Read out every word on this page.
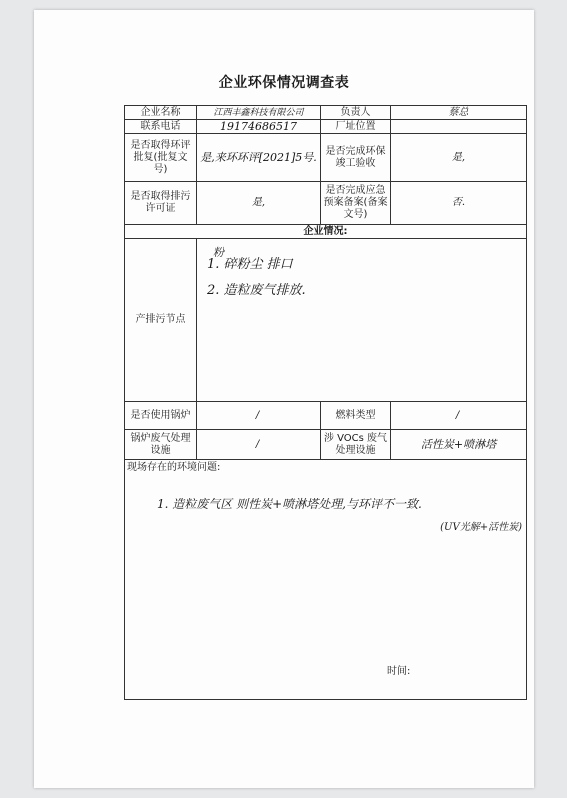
企业环保情况调查表
企业名称	江西丰鑫科技有限公司	负责人	蔡总
联系电话	19174686517	厂址位置	
是否取得环评批复(批复文号)	是,来环环评[2021]5号.	是否完成环保竣工验收	是,
是否取得排污许可证	是,	是否完成应急预案备案(备案文号)	否.
企业情况:			
产排污节点	粉
1. 碎粉尘 排口
2. 造粒废气排放.		

是否使用锅炉	/	燃料类型	/
锅炉废气处理设施	/	涉 VOCs 废气处理设施	活性炭+喷淋塔

现场存在的环境问题:
1. 造粒废气区 则性炭+喷淋塔处理,与环评不一致.
(UV光解+活性炭)
时间:			
